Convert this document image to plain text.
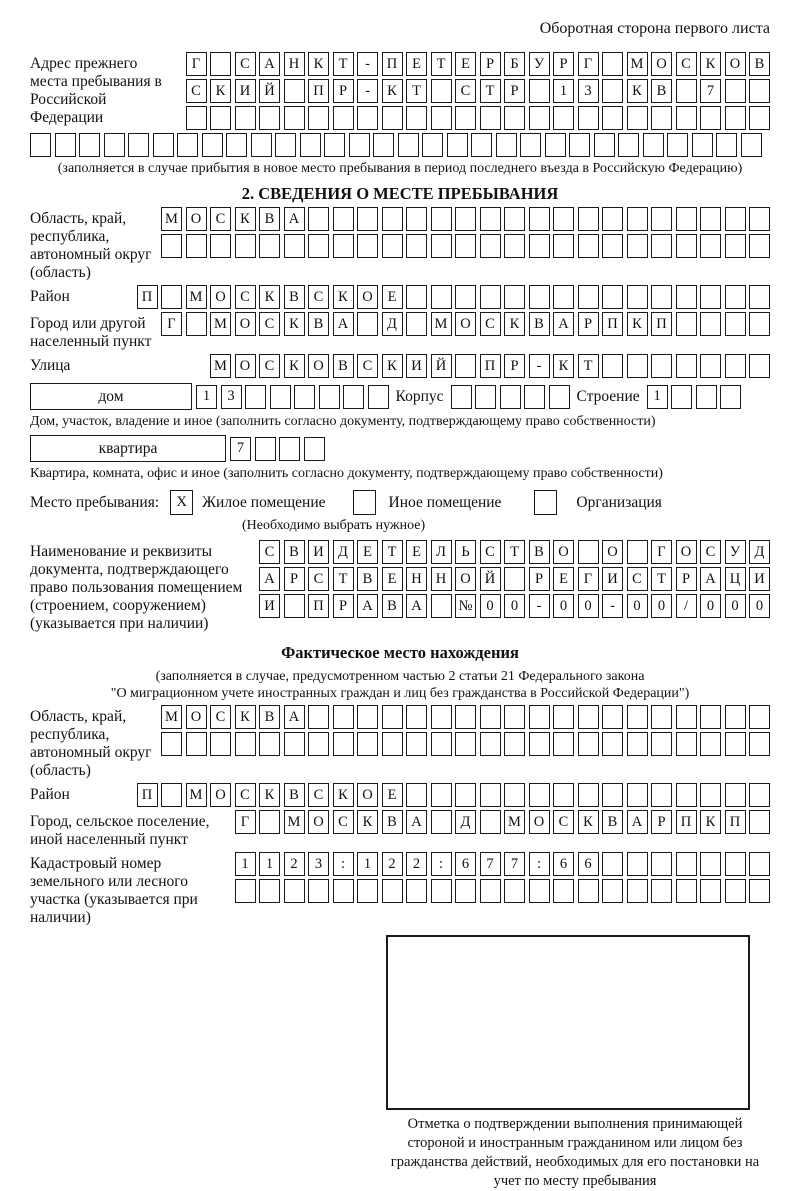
Оборотная сторона первого листа
Адрес прежнего места пребывания в Российской Федерации
Г	С А Н К	Т	-	П	Е	Т	Е	Р	Б	У	Р	Г	М О С	К О В
С	К И Й	П	Р	-	К	Т	С	Т	Р	1	3	К	В	7
(заполняется в случае прибытия в новое место пребывания в период последнего въезда в Российскую Федерацию)
2. СВЕДЕНИЯ О МЕСТЕ ПРЕБЫВАНИЯ
Область, край, республика, автономный округ (область)
М О С	К	В А
Район	П	М О С	К	В	С	К О	Е
Город или другой населенный пункт
Г	М О С	К	В А	Д	М О С	К	В А	Р	П К П
Улица	М О С	К О В	С	К И Й	П	Р	-	К	Т
дом	1	3	Корпус	Строение 1
Дом, участок, владение и иное (заполнить согласно документу, подтверждающему право собственности)
квартира	7
Квартира, комната, офис и иное (заполнить согласно документу, подтверждающему право собственности)
Место пребывания:	X Жилое помещение	Иное помещение	Организация
(Необходимо выбрать нужное)
Наименование и реквизиты документа, подтверждающего право пользования помещением (строением, сооружением) (указывается при наличии)
С	В И Д	Е	Т	Е	Л	Ь	С	Т	В О	О	Г	О С	У Д
А	Р	С	Т	В	Е	Н Н О Й	Р	Е	Г	И С	Т	Р	А Ц И
И	П	Р	А В А	№ 0	0	-	0	0	-	0	0	/	0	0	0
Фактическое место нахождения
(заполняется в случае, предусмотренном частью 2 статьи 21 Федерального закона
"О миграционном учете иностранных граждан и лиц без гражданства в Российской Федерации")
Область, край, республика, автономный округ (область)
М О С	К	В А
Район	П	М О С	К	В	С	К О	Е
Город, сельское поселение, иной населенный пункт
Г	М О С	К	В А	Д	М О С	К	В А	Р	П К П
Кадастровый номер земельного или лесного участка (указывается при наличии)
1	1	2	3	:	1	2	2	:	6	7	7	:	6	6
Отметка о подтверждении выполнения принимающей стороной и иностранным гражданином или лицом без гражданства действий, необходимых для его постановки на учет по месту пребывания
